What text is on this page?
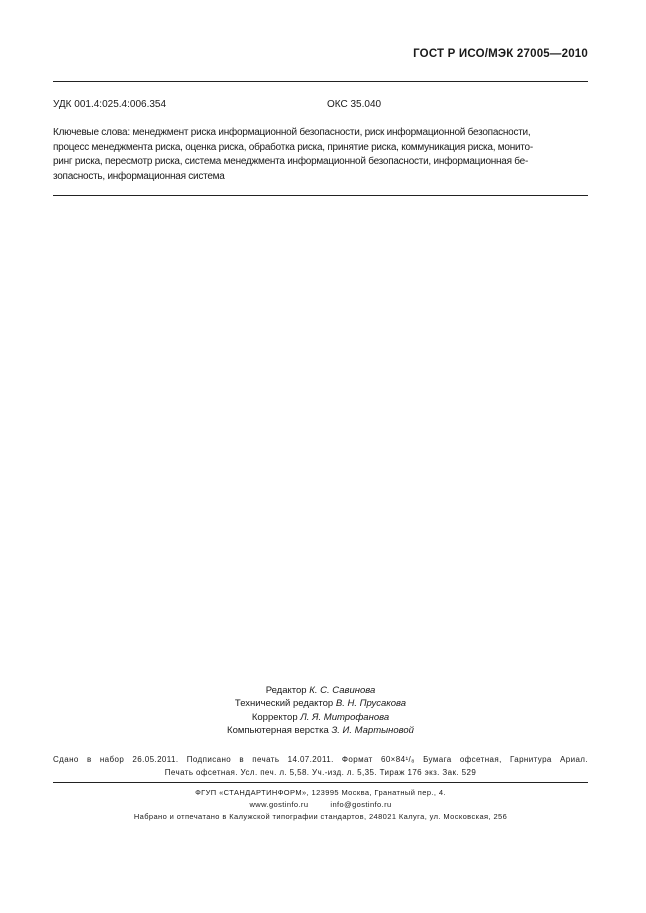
ГОСТ Р ИСО/МЭК 27005—2010
УДК 001.4:025.4:006.354	ОКС 35.040
Ключевые слова: менеджмент риска информационной безопасности, риск информационной безопасности,
процесс менеджмента риска, оценка риска, обработка риска, принятие риска, коммуникация риска, монито-
ринг риска, пересмотр риска, система менеджмента информационной безопасности, информационная бе-
зопасность, информационная система
Редактор К. С. Савинова
Технический редактор В. Н. Прусакова
Корректор Л. Я. Митрофанова
Компьютерная верстка З. И. Мартыновой
Сдано в набор 26.05.2011. Подписано в печать 14.07.2011. Формат 60×84¹/₈ Бумага офсетная, Гарнитура Ариал.
Печать офсетная. Усл. печ. л. 5,58. Уч.-изд. л. 5,35. Тираж 176 экз. Зак. 529
ФГУП «СТАНДАРТИНФОРМ», 123995 Москва, Гранатный пер., 4.
www.gostinfo.ru	info@gostinfo.ru
Набрано и отпечатано в Калужской типографии стандартов, 248021 Калуга, ул. Московская, 256
